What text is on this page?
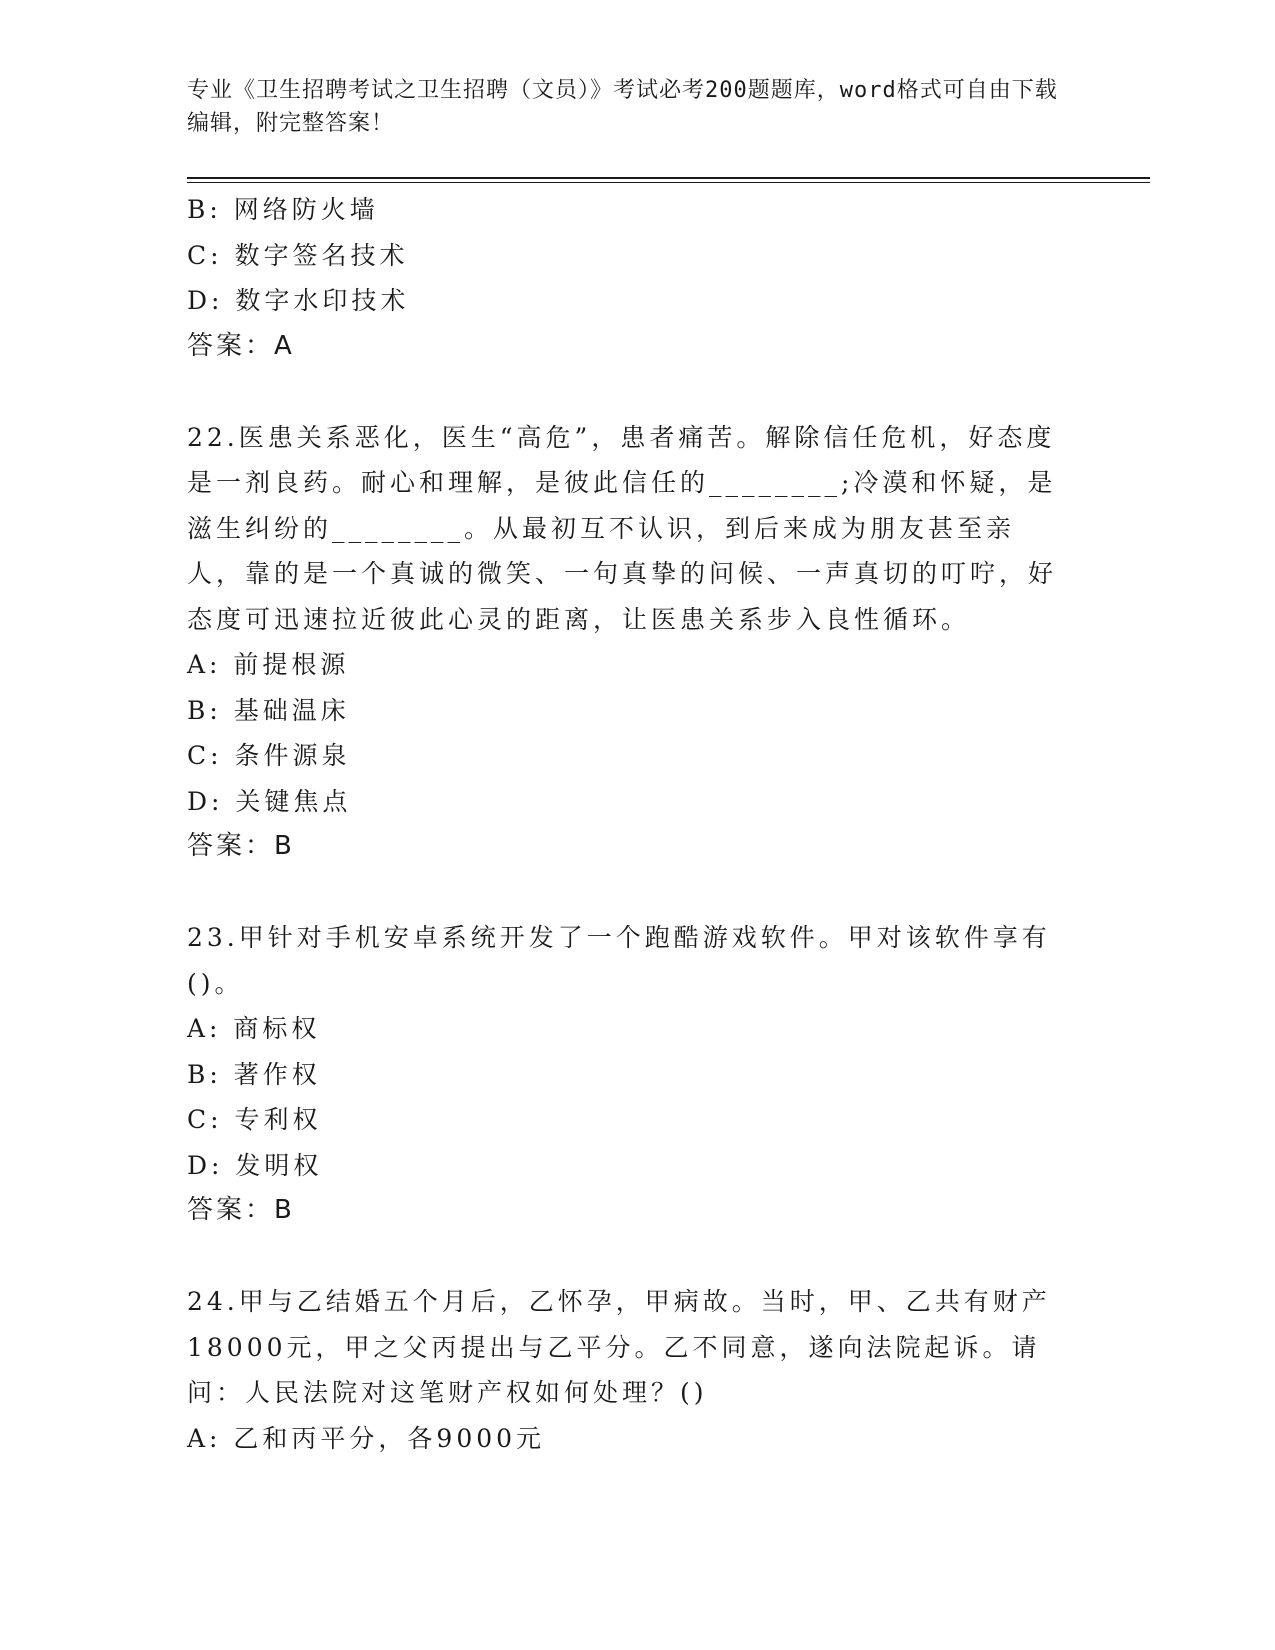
专业《卫生招聘考试之卫生招聘（文员）》考试必考200题题库，word格式可自由下载编辑，附完整答案！
B: 网络防火墙
C: 数字签名技术
D: 数字水印技术
答案：A
22.医患关系恶化，医生“高危”，患者痛苦。解除信任危机，好态度是一剂良药。耐心和理解，是彼此信任的________;冷漠和怀疑，是滋生纠纷的________。从最初互不认识，到后来成为朋友甚至亲人，靠的是一个真诚的微笑、一句真挚的问候、一声真切的叮咛，好态度可迅速拉近彼此心灵的距离，让医患关系步入良性循环。
A: 前提根源
B: 基础温床
C: 条件源泉
D: 关键焦点
答案：B
23.甲针对手机安卓系统开发了一个跑酷游戏软件。甲对该软件享有()。
A: 商标权
B: 著作权
C: 专利权
D: 发明权
答案：B
24.甲与乙结婚五个月后，乙怀孕，甲病故。当时，甲、乙共有财产18000元，甲之父丙提出与乙平分。乙不同意，遂向法院起诉。请问：人民法院对这笔财产权如何处理？()
A: 乙和丙平分，各9000元
